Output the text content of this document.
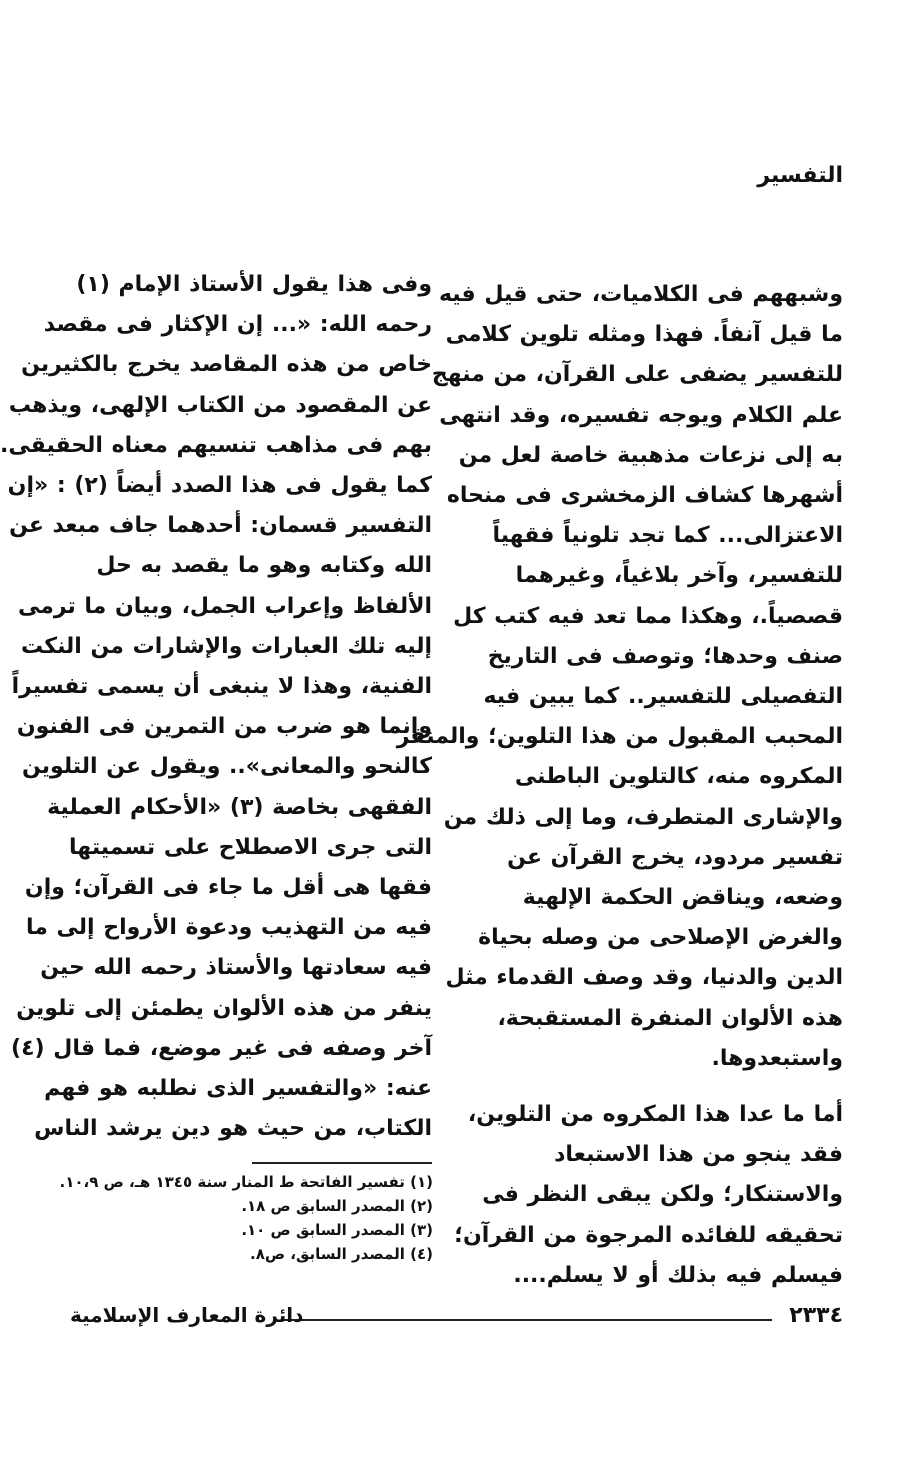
التفسير
وشبههم فى الكلاميات، حتى قيل فيه
ما قيل آنفاً. فهذا ومثله تلوين كلامى
للتفسير يضفى على القرآن، من منهج
علم الكلام ويوجه تفسيره، وقد انتهى
به إلى نزعات مذهبية خاصة لعل من
أشهرها كشاف الزمخشرى فى منحاه
الاعتزالى... كما تجد تلونياً فقهياً
للتفسير، وآخر بلاغياً، وغيرهما
قصصياً.، وهكذا مما تعد فيه كتب كل
صنف وحدها؛ وتوصف فى التاريخ
التفصيلى للتفسير.. كما يبين فيه
المحبب المقبول من هذا التلوين؛ والمنفر
المكروه منه، كالتلوين الباطنى
والإشارى المتطرف، وما إلى ذلك من
تفسير مردود، يخرج القرآن عن
وضعه، ويناقض الحكمة الإلهية
والغرض الإصلاحى من وصله بحياة
الدين والدنيا، وقد وصف القدماء مثل
هذه الألوان المنفرة المستقبحة،
واستبعدوها.
أما ما عدا هذا المكروه من التلوين،
فقد ينجو من هذا الاستبعاد
والاستنكار؛ ولكن يبقى النظر فى
تحقيقه للفائده المرجوة من القرآن؛
فيسلم فيه بذلك أو لا يسلم....
وفى هذا يقول الأستاذ الإمام (١)
رحمه الله: «... إن الإكثار فى مقصد
خاص من هذه المقاصد يخرج بالكثيرين
عن المقصود من الكتاب الإلهى، ويذهب
بهم فى مذاهب تنسيهم معناه الحقيقى.
كما يقول فى هذا الصدد أيضاً (٢) : «إن
التفسير قسمان: أحدهما جاف مبعد عن
الله وكتابه وهو ما يقصد به حل
الألفاظ وإعراب الجمل، وبيان ما ترمى
إليه تلك العبارات والإشارات من النكت
الفنية، وهذا لا ينبغى أن يسمى تفسيراً
وإنما هو ضرب من التمرين فى الفنون
كالنحو والمعانى».. ويقول عن التلوين
الفقهى بخاصة (٣) «الأحكام العملية
التى جرى الاصطلاح على تسميتها
فقها هى أقل ما جاء فى القرآن؛ وإن
فيه من التهذيب ودعوة الأرواح إلى ما
فيه سعادتها والأستاذ رحمه الله حين
ينفر من هذه الألوان يطمئن إلى تلوين
آخر وصفه فى غير موضع، فما قال (٤)
عنه: «والتفسير الذى نطلبه هو فهم
الكتاب، من حيث هو دين يرشد الناس
(١) تفسير الفاتحة ط المنار سنة ١٣٤٥ هـ، ص ١٠،٩.
(٢) المصدر السابق ص ١٨.
(٣) المصدر السابق ص ١٠.
(٤) المصدر السابق، ص٨.
٢٣٣٤
دائرة المعارف الإسلامية
